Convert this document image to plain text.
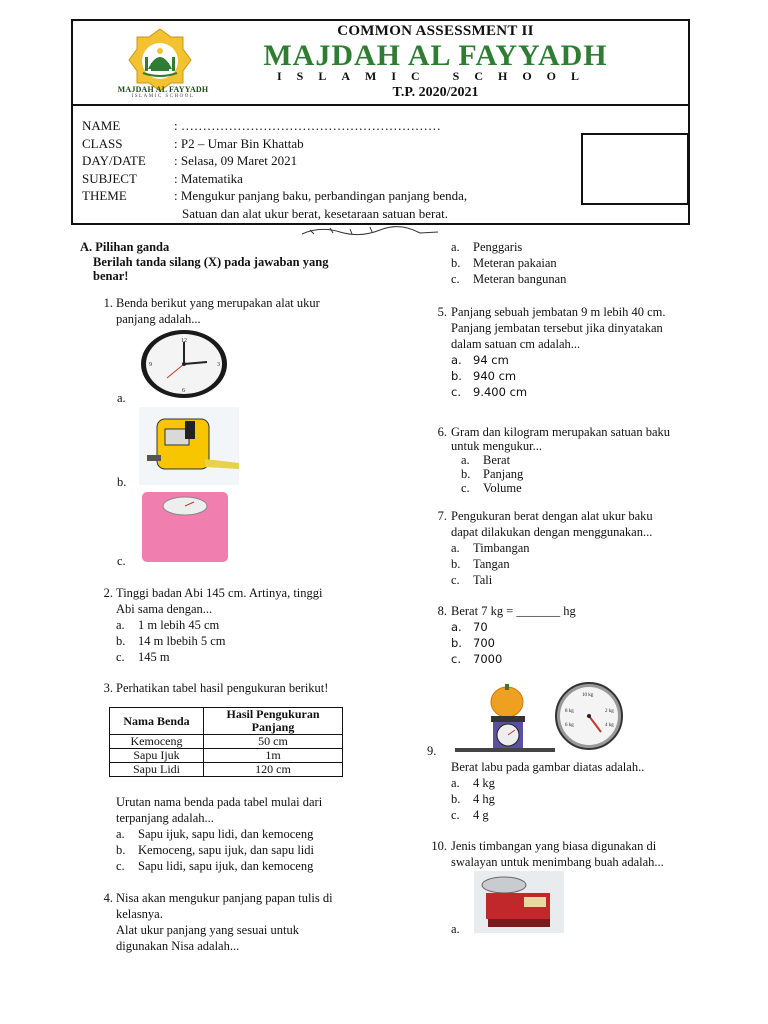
MAJDAH AL FAYYADH
ISLAMIC SCHOOL
COMMON ASSESSMENT II
MAJDAH AL FAYYADH
ISLAMIC SCHOOL
T.P. 2020/2021
NAME	: ……………………………………………………
CLASS	: P2 – Umar Bin Khattab
DAY/DATE	: Selasa, 09 Maret 2021
SUBJECT	: Matematika
THEME	: Mengukur panjang baku, perbandingan panjang benda,
Satuan dan alat ukur berat, kesetaraan satuan berat.
A. Pilihan ganda
Berilah tanda silang (X) pada jawaban yang
benar!
1. Benda berikut yang merupakan alat ukur
panjang adalah...
12
3
6
9
a.
b.
c.
2. Tinggi badan Abi 145 cm. Artinya, tinggi
Abi sama dengan...
a.	1 m lebih 45 cm
b.	14 m lbebih 5 cm
c.	145 m
3. Perhatikan tabel hasil pengukuran berikut!
Nama Benda	Hasil Pengukuran
Panjang

Kemoceng	50 cm
Sapu Ijuk	1m
Sapu Lidi	120 cm
Urutan nama benda pada tabel mulai dari
terpanjang adalah...
a.	Sapu ijuk, sapu lidi, dan kemoceng
b.	Kemoceng, sapu ijuk, dan sapu lidi
c.	Sapu lidi, sapu ijuk, dan kemoceng
4. Nisa akan mengukur panjang papan tulis di
kelasnya.
Alat ukur panjang yang sesuai untuk
digunakan Nisa adalah...
a.	Penggaris
b.	Meteran pakaian
c.	Meteran bangunan
5. Panjang sebuah jembatan 9 m lebih 40 cm.
Panjang jembatan tersebut jika dinyatakan
dalam satuan cm adalah...
a. 94 cm
b. 940 cm
c.	9.400 cm
6. Gram dan kilogram merupakan satuan baku
untuk mengukur...
a.	Berat
b.	Panjang
c.	Volume
7. Pengukuran berat dengan alat ukur baku
dapat dilakukan dengan menggunakan...
a.	Timbangan
b.	Tangan
c.	Tali
8. Berat 7 kg = _______ hg
a. 70
b. 700
c.	7000
10 kg
8 kg	2 kg
6 kg	4 kg
9.
Berat labu pada gambar diatas adalah..
a.	4 kg
b.	4 hg
c.	4 g
10. Jenis timbangan yang biasa digunakan di
swalayan untuk menimbang buah adalah...
a.
